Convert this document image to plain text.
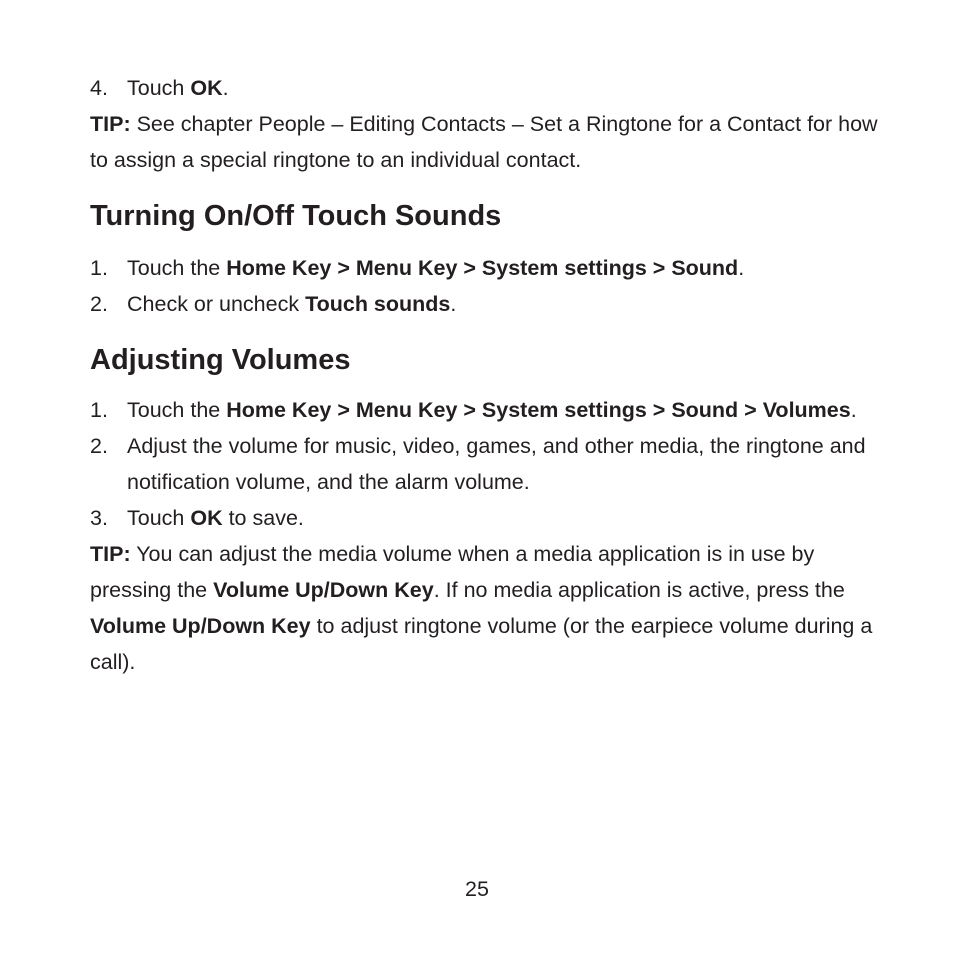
4. Touch OK.

TIP: See chapter People – Editing Contacts – Set a Ringtone for a Contact for how to assign a special ringtone to an individual contact.

Turning On/Off Touch Sounds

1. Touch the Home Key > Menu Key > System settings > Sound.

2. Check or uncheck Touch sounds.

Adjusting Volumes

1. Touch the Home Key > Menu Key > System settings > Sound > Volumes.

2. Adjust the volume for music, video, games, and other media, the ringtone and notification volume, and the alarm volume.

3. Touch OK to save.

TIP: You can adjust the media volume when a media application is in use by pressing the Volume Up/Down Key. If no media application is active, press the Volume Up/Down Key to adjust ringtone volume (or the earpiece volume during a call).

25
